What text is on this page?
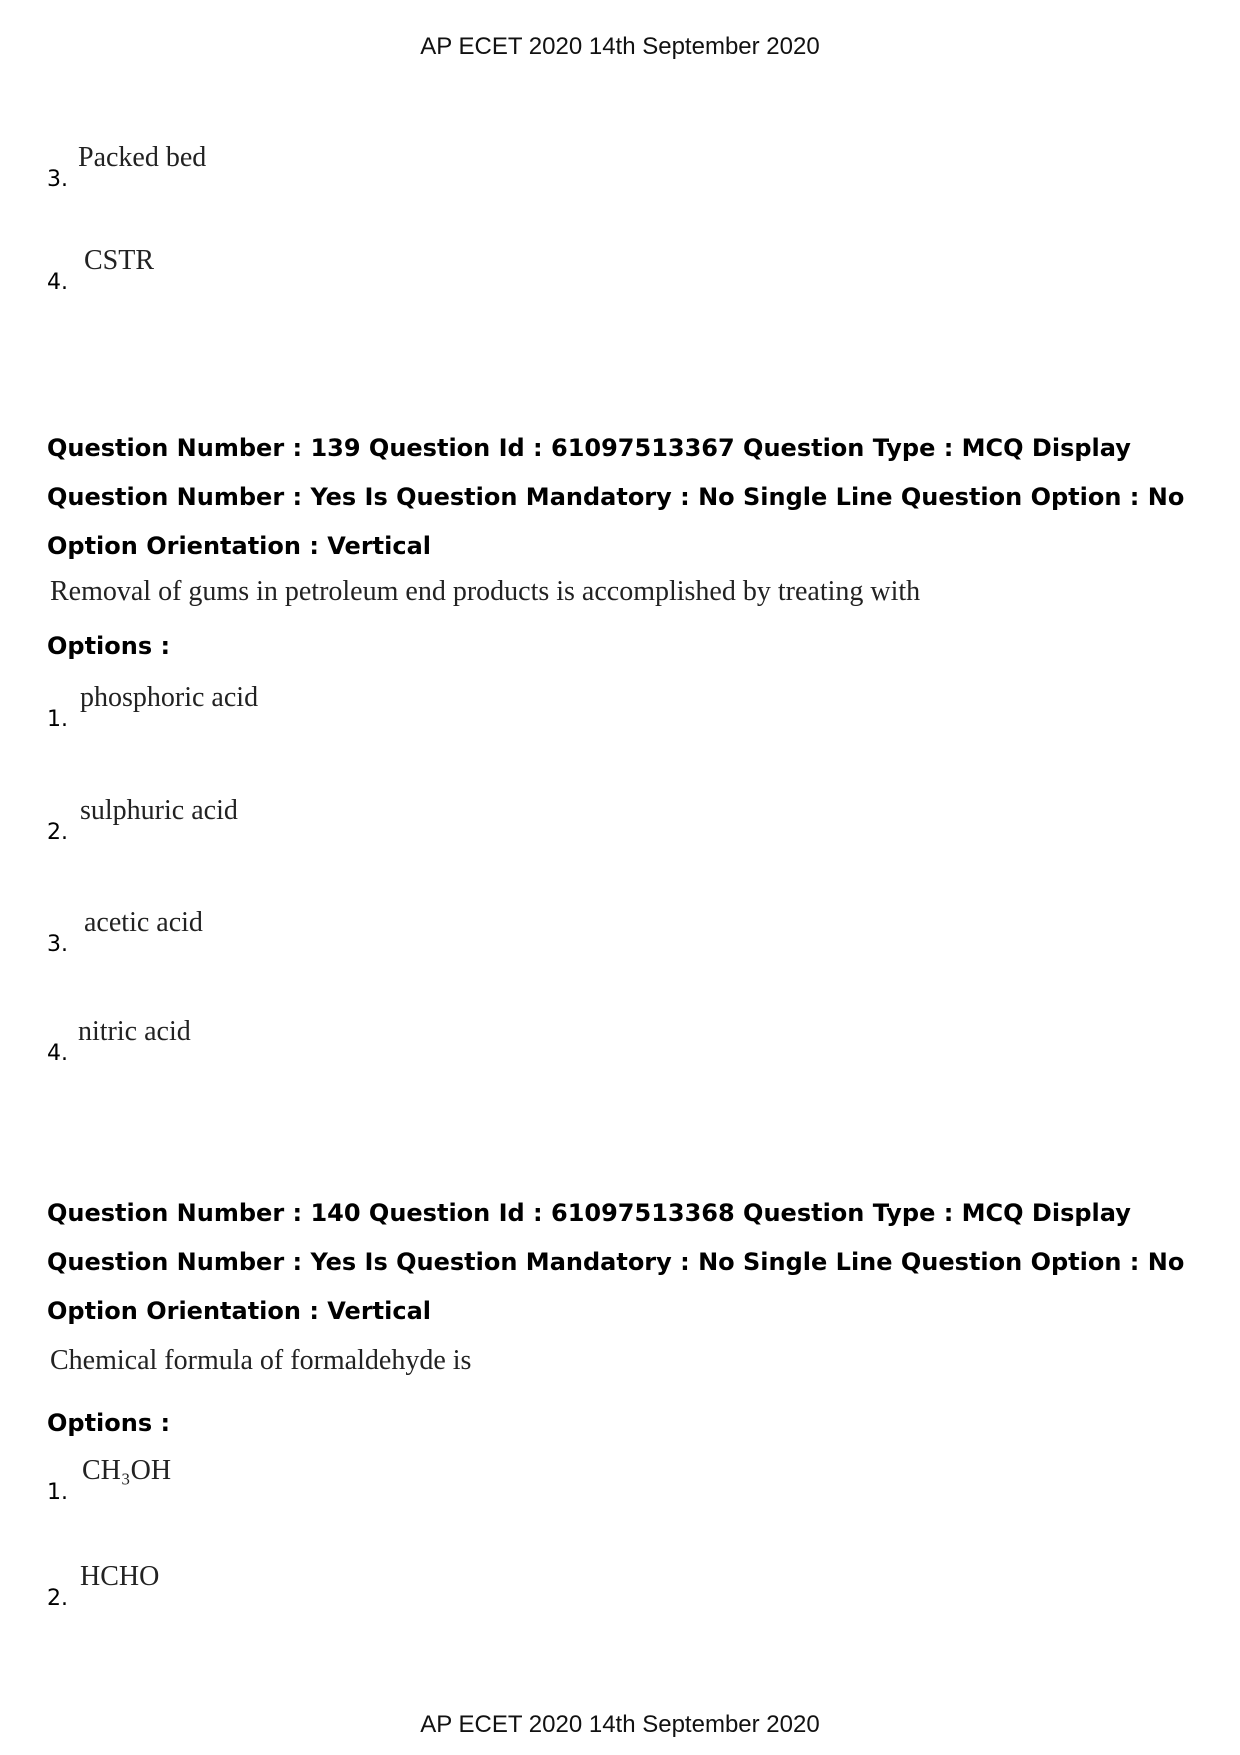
AP ECET 2020 14th September 2020
3.
Packed bed
4.
CSTR
Question Number : 139 Question Id : 61097513367 Question Type : MCQ Display Question Number : Yes Is Question Mandatory : No Single Line Question Option : No Option Orientation : Vertical
Removal of gums in petroleum end products is accomplished by treating with
Options :
1.
phosphoric acid
2.
sulphuric acid
3.
acetic acid
4.
nitric acid
Question Number : 140 Question Id : 61097513368 Question Type : MCQ Display Question Number : Yes Is Question Mandatory : No Single Line Question Option : No Option Orientation : Vertical
Chemical formula of formaldehyde is
Options :
1.
CH₃OH
2.
HCHO
AP ECET 2020 14th September 2020
